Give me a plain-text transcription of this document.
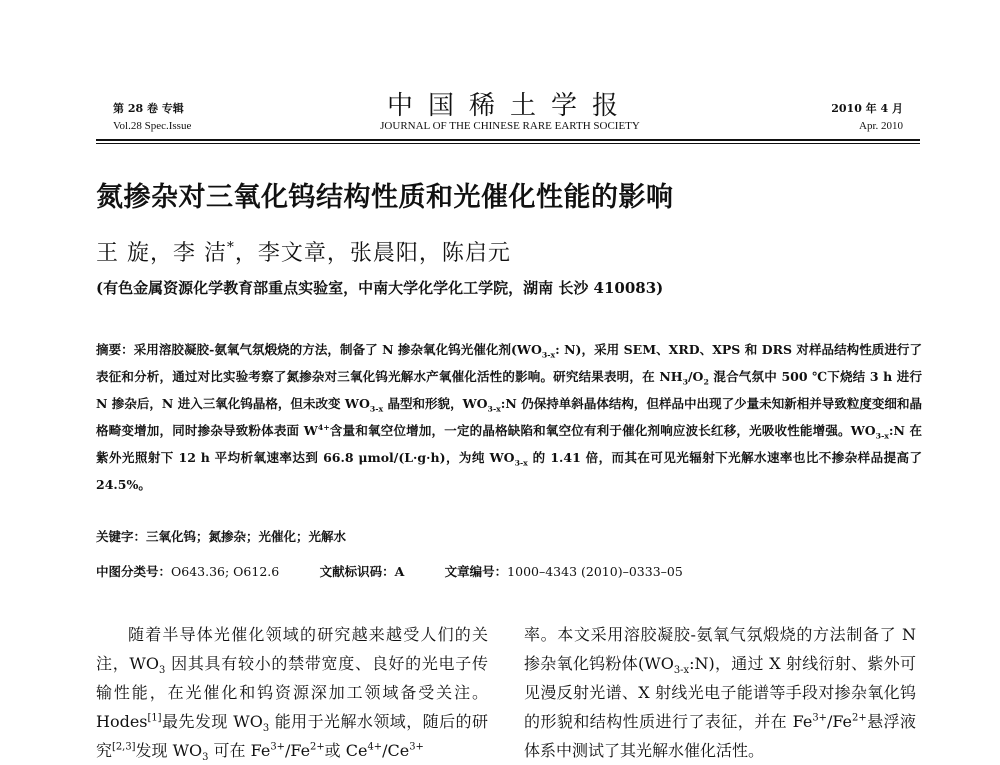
第 28 卷 专辑
Vol.28 Spec.Issue
中国稀土学报
JOURNAL OF THE CHINESE RARE EARTH SOCIETY
2010 年 4 月
Apr. 2010
氮掺杂对三氧化钨结构性质和光催化性能的影响
王 旋，李 洁*，李文章，张晨阳，陈启元
(有色金属资源化学教育部重点实验室，中南大学化学化工学院，湖南 长沙 410083)
摘要：采用溶胶凝胶-氨氧气氛煅烧的方法，制备了 N 掺杂氧化钨光催化剂($WO_{3-x}$: N)，采用 SEM、XRD、XPS 和 DRS 对样品结构性质进行了表征和分析，通过对比实验考察了氮掺杂对三氧化钨光解水产氧催化活性的影响。研究结果表明，在 $NH_3/O_2$ 混合气氛中 500 ℃下烧结 3 h 进行 N 掺杂后，N 进入三氧化钨晶格，但未改变 $WO_{3-x}$ 晶型和形貌，$WO_{3-x}:N$ 仍保持单斜晶体结构，但样品中出现了少量未知新相并导致粒度变细和晶格畸变增加，同时掺杂导致粉体表面 $W^{4+}$含量和氧空位增加，一定的晶格缺陷和氧空位有利于催化剂响应波长红移，光吸收性能增强。$WO_{3-x}:N$ 在紫外光照射下 12 h 平均析氧速率达到 66.8 μmol/(L·g·h)，为纯 $WO_{3-x}$ 的 1.41 倍，而其在可见光辐射下光解水速率也比不掺杂样品提高了 24.5%。
关键字：三氧化钨；氮掺杂；光催化；光解水
中图分类号：O643.36; O612.6	文献标识码：A	文章编号：1000–4343 (2010)–0333–05
随着半导体光催化领域的研究越来越受人们的关注，$WO_3$ 因其具有较小的禁带宽度、良好的光电子传输性能，在光催化和钨资源深加工领域备受关注。Hodes[1]最先发现 $WO_3$ 能用于光解水领域，随后的研究[2,3]发现 $WO_3$ 可在 $Fe^{3+}/Fe^{2+}$或 $Ce^{4+}/Ce^{3+}$
率。本文采用溶胶凝胶-氨氧气氛煅烧的方法制备了 N 掺杂氧化钨粉体$(WO_{3-x}:N)$，通过 X 射线衍射、紫外可见漫反射光谱、X 射线光电子能谱等手段对掺杂氧化钨的形貌和结构性质进行了表征，并在 $Fe^{3+}/Fe^{2+}$悬浮液体系中测试了其光解水催化活性。
